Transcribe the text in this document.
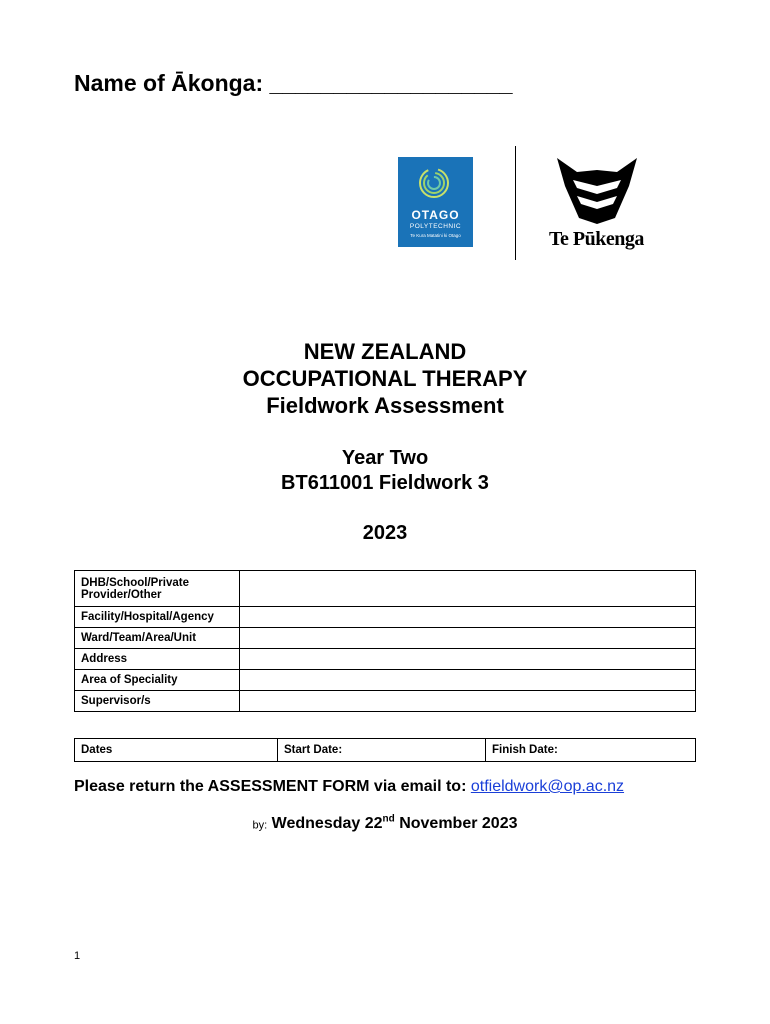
Name of Ākonga: ___________________
OTAGO
POLYTECHNIC
Te Kura Matatini ki Otago	Te Pūkenga
NEW ZEALAND
OCCUPATIONAL THERAPY
Fieldwork Assessment
Year Two
BT611001 Fieldwork 3
2023
DHB/School/Private Provider/Other	
Facility/Hospital/Agency	
Ward/Team/Area/Unit	
Address	
Area of Speciality	
Supervisor/s	
Dates	Start Date:	Finish Date:
Please return the ASSESSMENT FORM via email to: otfieldwork@op.ac.nz
by: Wednesday 22nd November 2023
1
